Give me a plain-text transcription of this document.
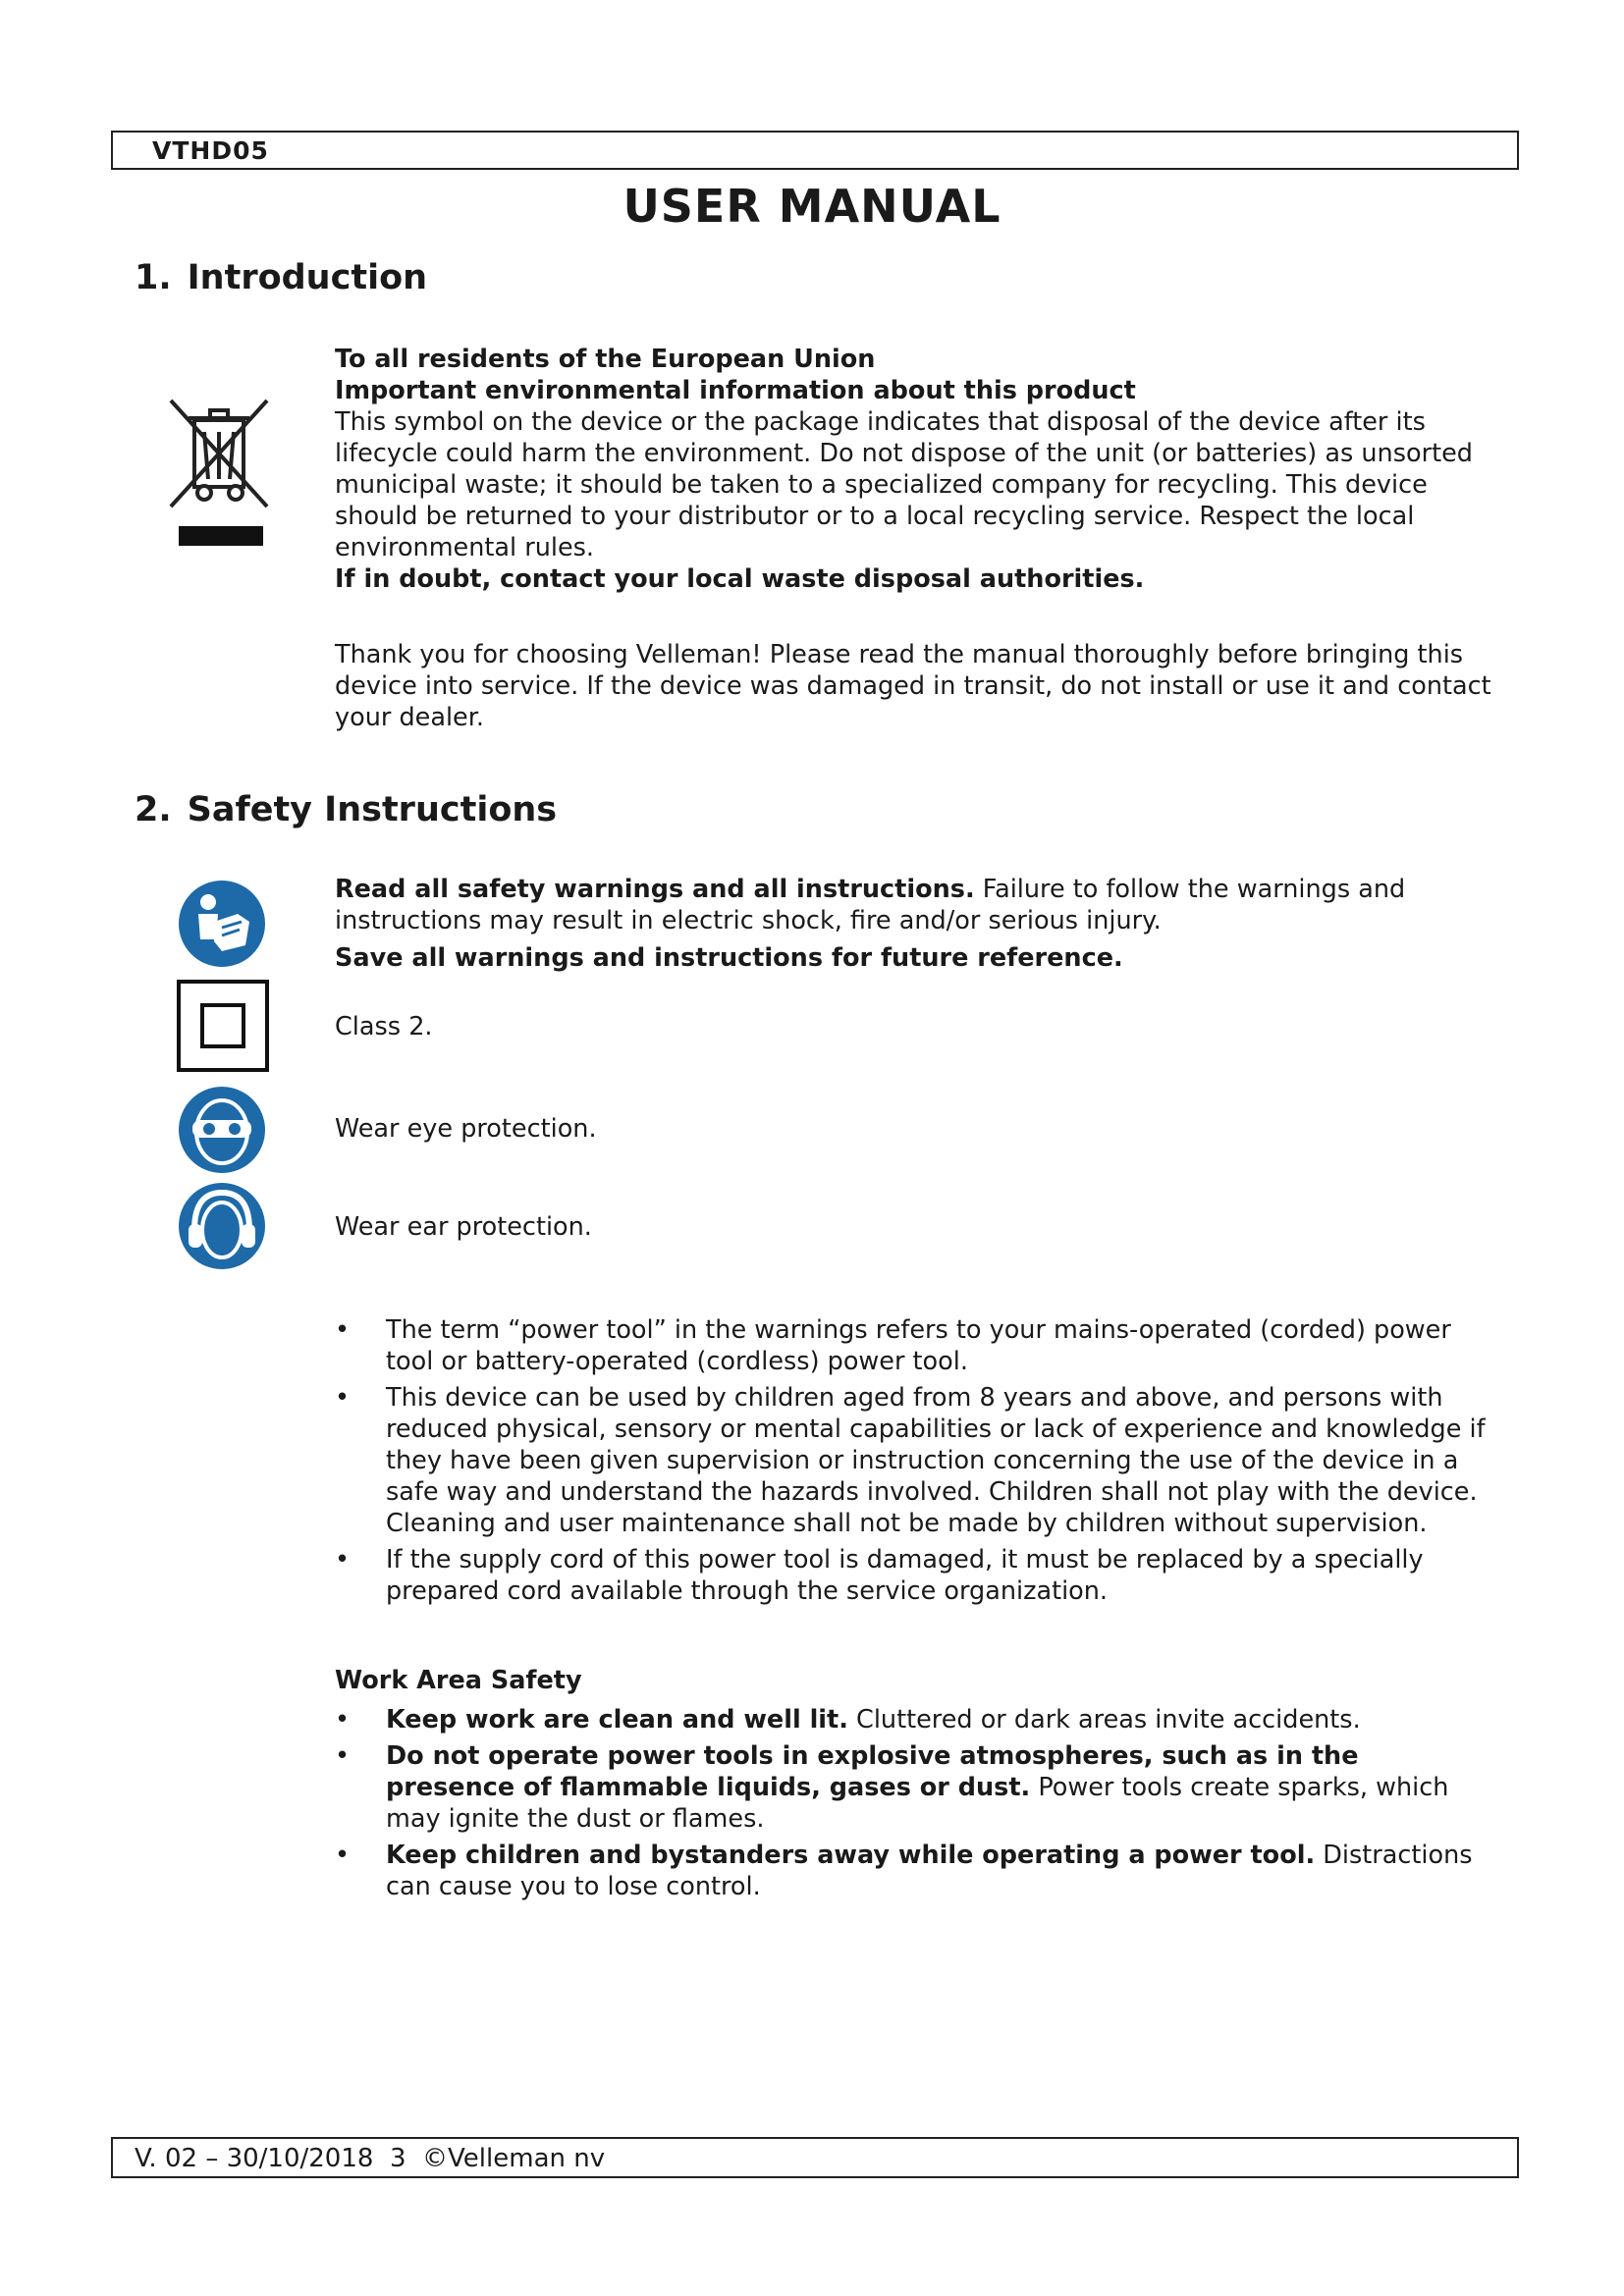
VTHD05
USER MANUAL
1. Introduction

To all residents of the European Union

Important environmental information about this product

This symbol on the device or the package indicates that disposal of the device after its lifecycle could harm the environment. Do not dispose of the unit (or batteries) as unsorted municipal waste; it should be taken to a specialized company for recycling. This device should be returned to your distributor or to a local recycling service. Respect the local environmental rules.

If in doubt, contact your local waste disposal authorities.

Thank you for choosing Velleman! Please read the manual thoroughly before bringing this device into service. If the device was damaged in transit, do not install or use it and contact your dealer.

2. Safety Instructions

Read all safety warnings and all instructions. Failure to follow the warnings and instructions may result in electric shock, fire and/or serious injury.

Save all warnings and instructions for future reference.

Class 2.
Wear eye protection.
Wear ear protection.
• The term “power tool” in the warnings refers to your mains-operated (corded) power tool or battery-operated (cordless) power tool.
• This device can be used by children aged from 8 years and above, and persons with reduced physical, sensory or mental capabilities or lack of experience and knowledge if they have been given supervision or instruction concerning the use of the device in a safe way and understand the hazards involved. Children shall not play with the device. Cleaning and user maintenance shall not be made by children without supervision.
• If the supply cord of this power tool is damaged, it must be replaced by a specially prepared cord available through the service organization.
Work Area Safety
• Keep work are clean and well lit. Cluttered or dark areas invite accidents.
• Do not operate power tools in explosive atmospheres, such as in the presence of flammable liquids, gases or dust. Power tools create sparks, which may ignite the dust or flames.
• Keep children and bystanders away while operating a power tool. Distractions can cause you to lose control.
V. 02 – 30/10/2018  3  ©Velleman nv
